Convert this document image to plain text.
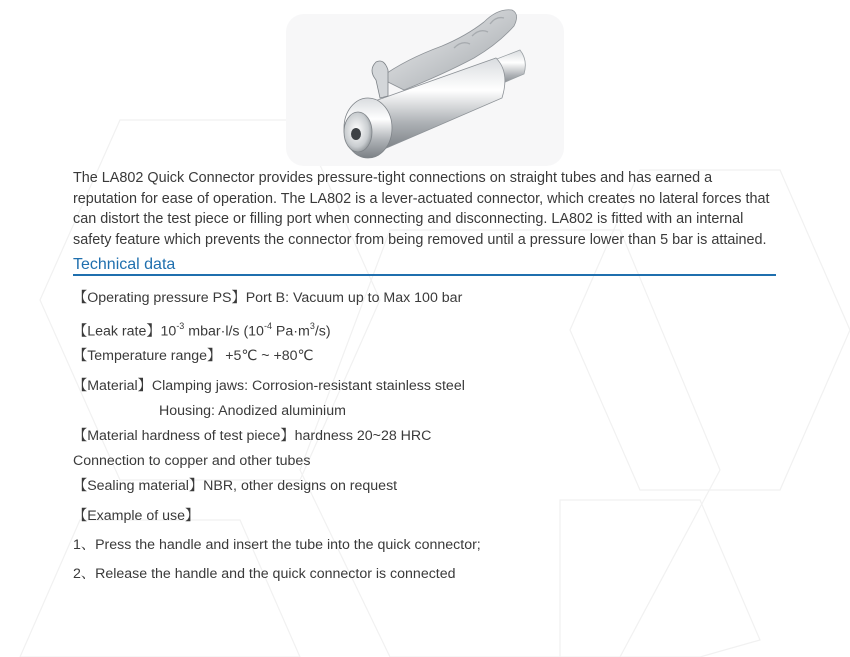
The LA802 Quick Connector provides pressure-tight connections on straight tubes and has earned a reputation for ease of operation. The LA802 is a lever-actuated connector, which creates no lateral forces that can distort the test piece or filling port when connecting and disconnecting. LA802 is fitted with an internal safety feature which prevents the connector from being removed until a pressure lower than 5 bar is attained.

Technical data
【Operating pressure PS】Port B: Vacuum up to Max 100 bar
【Leak rate】$10^{-3}$ mbar·l/s ($10^{-4}$ $Pa\cdot m^3/s$)
【Temperature range】 +5℃ ~ +80℃
【Material】Clamping jaws: Corrosion-resistant stainless steel
Housing: Anodized aluminium
【Material hardness of test piece】hardness 20~28 HRC
Connection to copper and other tubes
【Sealing material】NBR, other designs on request
【Example of use】
1、Press the handle and insert the tube into the quick connector;
2、Release the handle and the quick connector is connected
